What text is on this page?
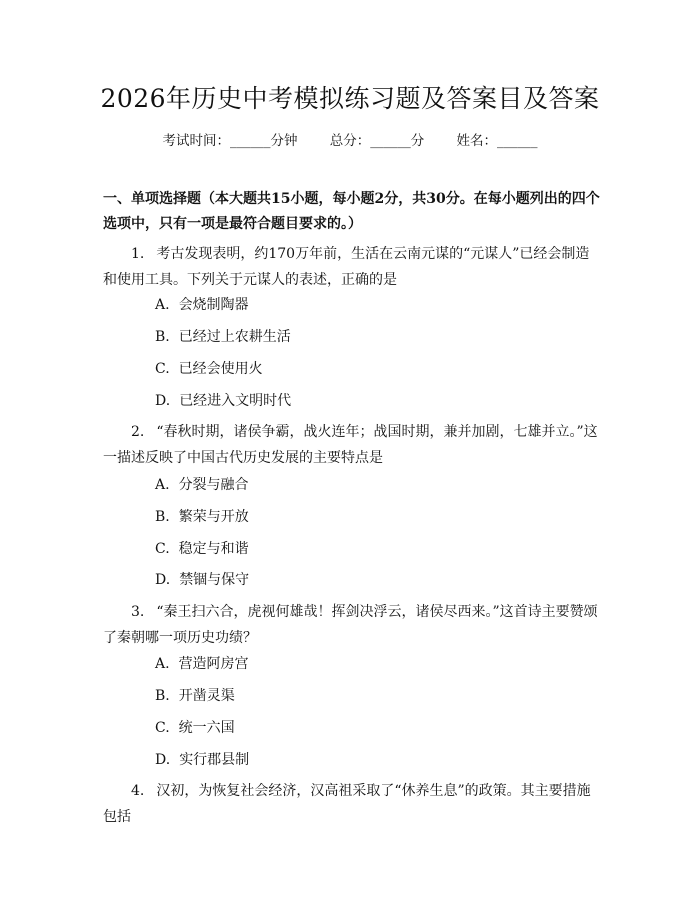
2026年历史中考模拟练习题及答案目及答案
考试时间：______分钟 总分：______分 姓名：______
一、单项选择题（本大题共15小题，每小题2分，共30分。在每小题列出的四个选项中，只有一项是最符合题目要求的。）
1. 考古发现表明，约170万年前，生活在云南元谋的“元谋人”已经会制造和使用工具。下列关于元谋人的表述，正确的是
A. 会烧制陶器
B. 已经过上农耕生活
C. 已经会使用火
D. 已经进入文明时代
2. “春秋时期，诸侯争霸，战火连年；战国时期，兼并加剧，七雄并立。”这一描述反映了中国古代历史发展的主要特点是
A. 分裂与融合
B. 繁荣与开放
C. 稳定与和谐
D. 禁锢与保守
3. “秦王扫六合，虎视何雄哉！挥剑决浮云，诸侯尽西来。”这首诗主要赞颂了秦朝哪一项历史功绩？
A. 营造阿房宫
B. 开凿灵渠
C. 统一六国
D. 实行郡县制
4. 汉初，为恢复社会经济，汉高祖采取了“休养生息”的政策。其主要措施包括
